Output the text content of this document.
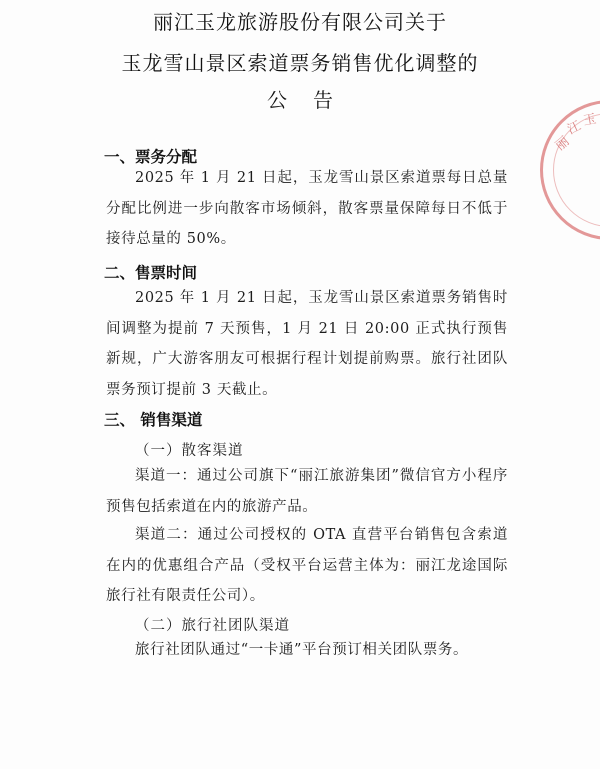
丽江玉龙旅游股份有限公司关于
玉龙雪山景区索道票务销售优化调整的
公告
一、票务分配
2025 年 1 月 21 日起，玉龙雪山景区索道票每日总量分配比例进一步向散客市场倾斜，散客票量保障每日不低于接待总量的 50%。
二、售票时间
2025 年 1 月 21 日起，玉龙雪山景区索道票务销售时间调整为提前 7 天预售，1 月 21 日 20:00 正式执行预售新规，广大游客朋友可根据行程计划提前购票。旅行社团队票务预订提前 3 天截止。
三、 销售渠道
（一）散客渠道
渠道一：通过公司旗下“丽江旅游集团”微信官方小程序预售包括索道在内的旅游产品。
渠道二：通过公司授权的 OTA 直营平台销售包含索道在内的优惠组合产品（受权平台运营主体为：丽江龙途国际旅行社有限责任公司）。
（二）旅行社团队渠道
旅行社团队通过“一卡通”平台预订相关团队票务。
丽
江
玉
